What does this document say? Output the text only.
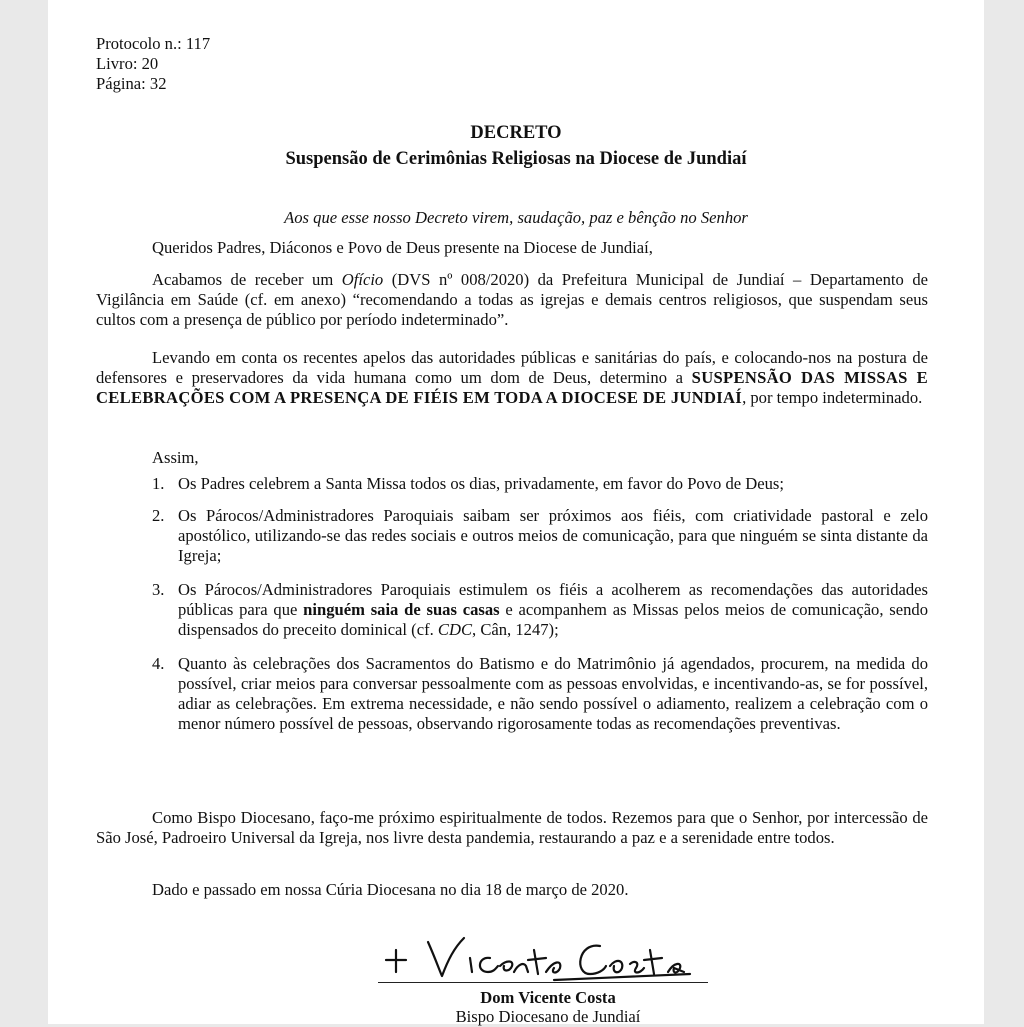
Protocolo n.: 117
Livro: 20
Página: 32
DECRETO
Suspensão de Cerimônias Religiosas na Diocese de Jundiaí
Aos que esse nosso Decreto virem, saudação, paz e bênção no Senhor
Queridos Padres, Diáconos e Povo de Deus presente na Diocese de Jundiaí,
Acabamos de receber um Ofício (DVS nº 008/2020) da Prefeitura Municipal de Jundiaí – Departamento de Vigilância em Saúde (cf. em anexo) “recomendando a todas as igrejas e demais centros religiosos, que suspendam seus cultos com a presença de público por período indeterminado”.
Levando em conta os recentes apelos das autoridades públicas e sanitárias do país, e colocando-nos na postura de defensores e preservadores da vida humana como um dom de Deus, determino a SUSPENSÃO DAS MISSAS E CELEBRAÇÕES COM A PRESENÇA DE FIÉIS EM TODA A DIOCESE DE JUNDIAÍ, por tempo indeterminado.
Assim,
1. Os Padres celebrem a Santa Missa todos os dias, privadamente, em favor do Povo de Deus;
2. Os Párocos/Administradores Paroquiais saibam ser próximos aos fiéis, com criatividade pastoral e zelo apostólico, utilizando-se das redes sociais e outros meios de comunicação, para que ninguém se sinta distante da Igreja;
3. Os Párocos/Administradores Paroquiais estimulem os fiéis a acolherem as recomendações das autoridades públicas para que ninguém saia de suas casas e acompanhem as Missas pelos meios de comunicação, sendo dispensados do preceito dominical (cf. CDC, Cân, 1247);
4. Quanto às celebrações dos Sacramentos do Batismo e do Matrimônio já agendados, procurem, na medida do possível, criar meios para conversar pessoalmente com as pessoas envolvidas, e incentivando-as, se for possível, adiar as celebrações. Em extrema necessidade, e não sendo possível o adiamento, realizem a celebração com o menor número possível de pessoas, observando rigorosamente todas as recomendações preventivas.
Como Bispo Diocesano, faço-me próximo espiritualmente de todos. Rezemos para que o Senhor, por intercessão de São José, Padroeiro Universal da Igreja, nos livre desta pandemia, restaurando a paz e a serenidade entre todos.
Dado e passado em nossa Cúria Diocesana no dia 18 de março de 2020.
Dom Vicente Costa
Bispo Diocesano de Jundiaí
